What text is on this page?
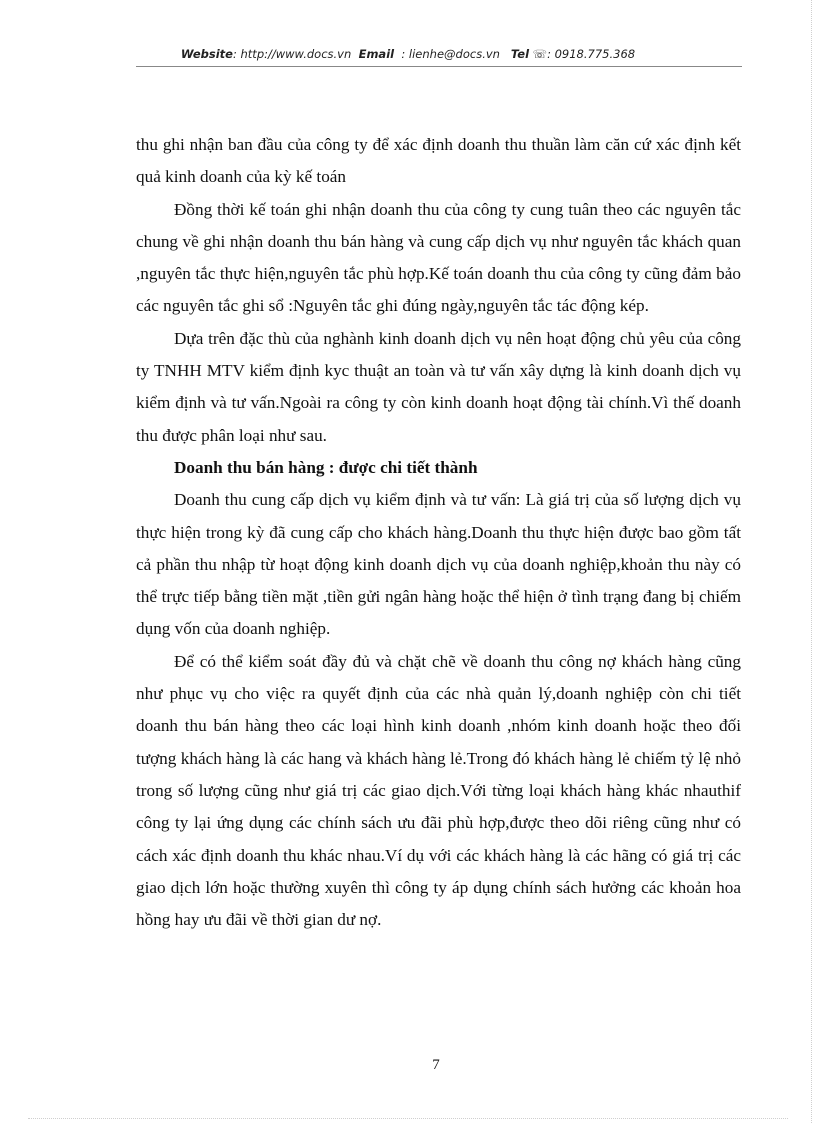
Website: http://www.docs.vn Email : lienhe@docs.vn Tel ☏: 0918.775.368

thu ghi nhận ban đầu của công ty để xác định doanh thu thuần làm căn cứ xác định kết quả kinh doanh của kỳ kế toán

Đồng thời kế toán ghi nhận doanh thu của công ty cung tuân theo các nguyên tắc chung về ghi nhận doanh thu bán hàng và cung cấp dịch vụ như nguyên tắc khách quan ,nguyên tắc thực hiện,nguyên tắc phù hợp.Kế toán doanh thu của công ty cũng đảm bảo các nguyên tắc ghi sổ :Nguyên tắc ghi đúng ngày,nguyên tắc tác động kép.

Dựa trên đặc thù của nghành kinh doanh dịch vụ nên hoạt động chủ yêu của công ty TNHH MTV kiểm định kyc thuật an toàn và tư vấn xây dựng là kinh doanh dịch vụ kiểm định và tư vấn.Ngoài ra công ty còn kinh doanh hoạt động tài chính.Vì thế doanh thu được phân loại như sau.

Doanh thu bán hàng : được chi tiết thành

Doanh thu cung cấp dịch vụ kiểm định và tư vấn: Là giá trị của số lượng dịch vụ thực hiện trong kỳ đã cung cấp cho khách hàng.Doanh thu thực hiện được bao gồm tất cả phần thu nhập từ hoạt động kinh doanh dịch vụ của doanh nghiệp,khoản thu này có thể trực tiếp bằng tiền mặt ,tiền gửi ngân hàng hoặc thể hiện ở tình trạng đang bị chiếm dụng vốn của doanh nghiệp.

Để có thể kiểm soát đầy đủ và chặt chẽ về doanh thu công nợ khách hàng cũng như phục vụ cho việc ra quyết định của các nhà quản lý,doanh nghiệp còn chi tiết doanh thu bán hàng theo các loại hình kinh doanh ,nhóm kinh doanh hoặc theo đối tượng khách hàng là các hang và khách hàng lẻ.Trong đó khách hàng lẻ chiếm tỷ lệ nhỏ trong số lượng cũng như giá trị các giao dịch.Với từng loại khách hàng khác nhauthif công ty lại ứng dụng các chính sách ưu đãi phù hợp,được theo dõi riêng cũng như có cách xác định doanh thu khác nhau.Ví dụ với các khách hàng là các hãng có giá trị các giao dịch lớn hoặc thường xuyên thì công ty áp dụng chính sách hưởng các khoản hoa hồng hay ưu đãi về thời gian dư nợ.

7
